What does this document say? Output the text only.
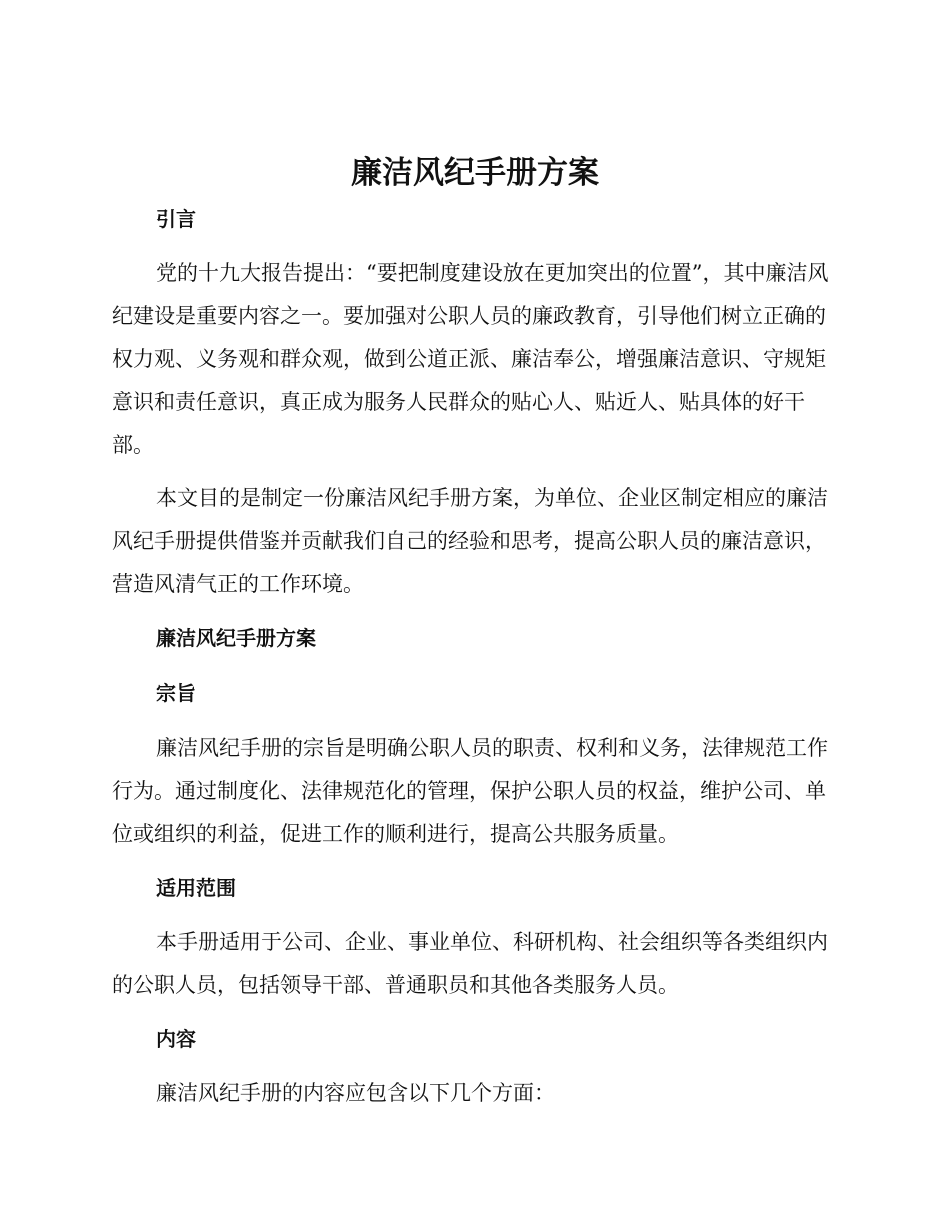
廉洁风纪手册方案
引言

党的十九大报告提出：“要把制度建设放在更加突出的位置”，其中廉洁风纪建设是重要内容之一。要加强对公职人员的廉政教育，引导他们树立正确的权力观、义务观和群众观，做到公道正派、廉洁奉公，增强廉洁意识、守规矩意识和责任意识，真正成为服务人民群众的贴心人、贴近人、贴具体的好干部。

本文目的是制定一份廉洁风纪手册方案，为单位、企业区制定相应的廉洁风纪手册提供借鉴并贡献我们自己的经验和思考，提高公职人员的廉洁意识，营造风清气正的工作环境。

廉洁风纪手册方案
宗旨

廉洁风纪手册的宗旨是明确公职人员的职责、权利和义务，法律规范工作行为。通过制度化、法律规范化的管理，保护公职人员的权益，维护公司、单位或组织的利益，促进工作的顺利进行，提高公共服务质量。

适用范围

本手册适用于公司、企业、事业单位、科研机构、社会组织等各类组织内的公职人员，包括领导干部、普通职员和其他各类服务人员。

内容

廉洁风纪手册的内容应包含以下几个方面：
